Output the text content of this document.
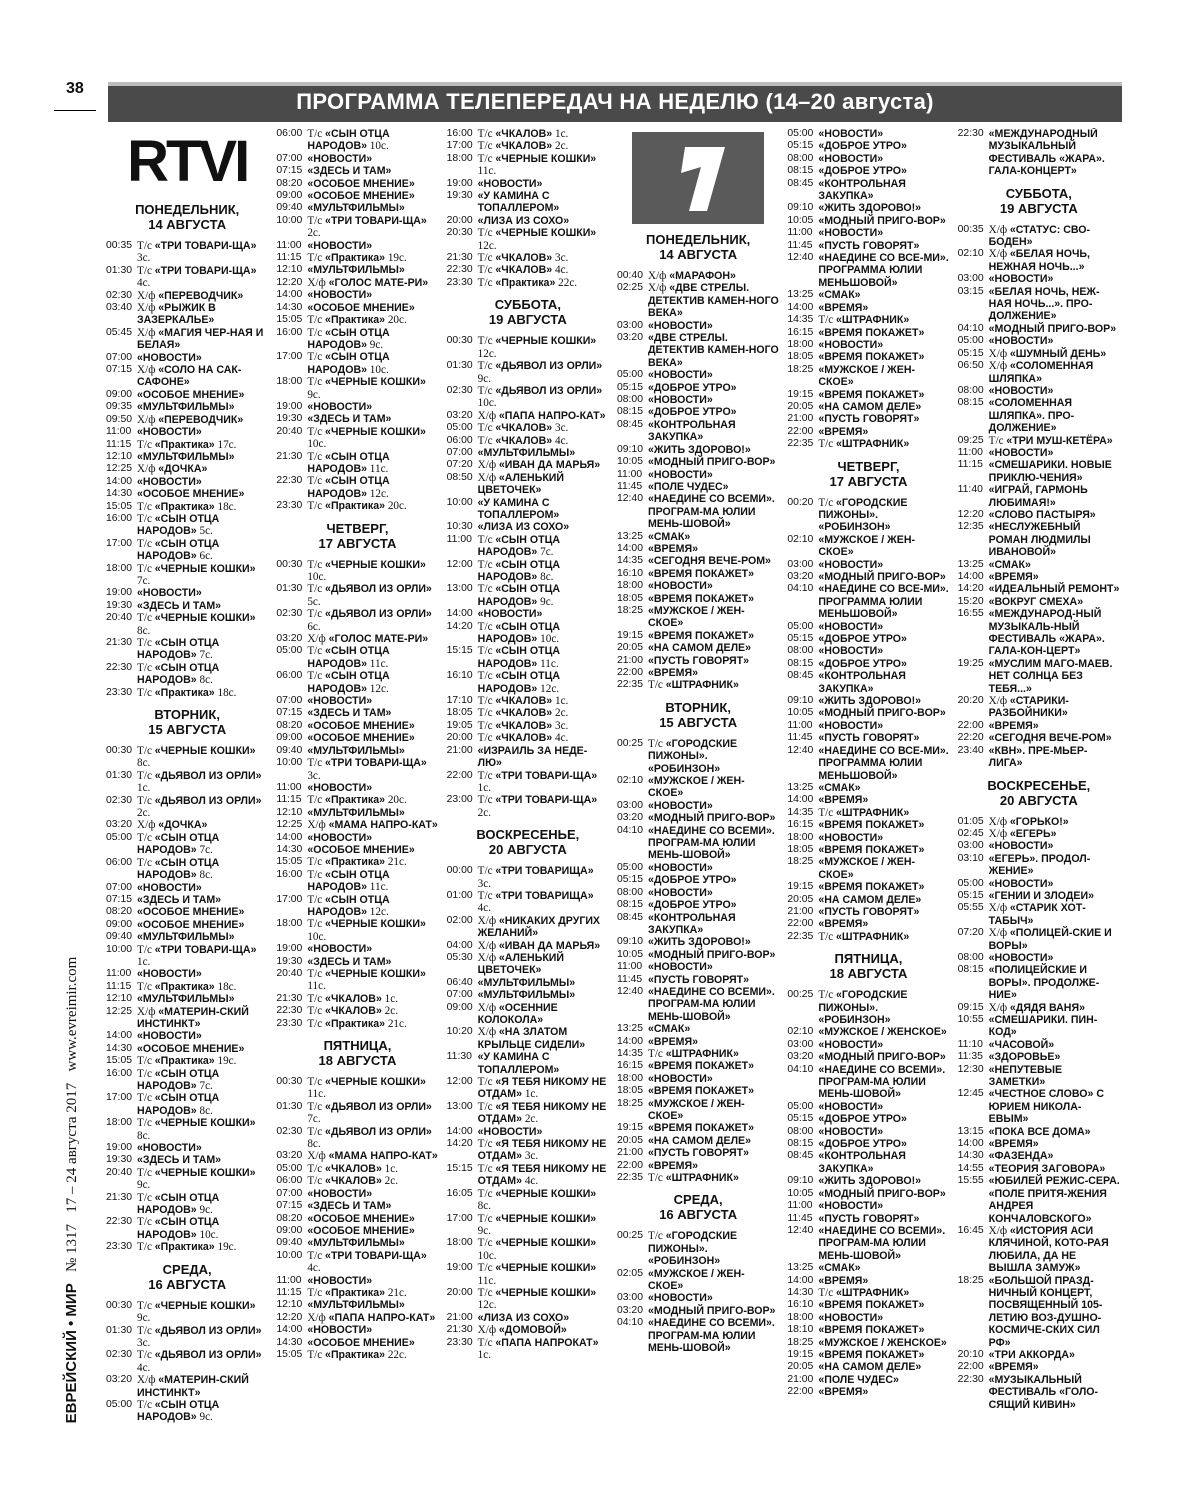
38
ПРОГРАММА ТЕЛЕПЕРЕДАЧ НА НЕДЕЛЮ (14–20 августа)
ЕВРЕЙСКИЙ • МИР   № 1317   17 – 24 августа 2017   www.evreimir.com
RTVI
ПОНЕДЕЛЬНИК,
14 АВГУСТА
00:35 Т/с «ТРИ ТОВАРИ-ЩА» 3с.
01:30 Т/с «ТРИ ТОВАРИ-ЩА» 4с.
02:30 Х/ф «ПЕРЕВОДЧИК»
03:40 Х/ф «РЫЖИК В ЗАЗЕРКАЛЬЕ»
05:45 Х/ф «МАГИЯ ЧЕР-НАЯ И БЕЛАЯ»
07:00 «НОВОСТИ»
07:15 Х/ф «СОЛО НА САК-САФОНЕ»
09:00 «ОСОБОЕ МНЕНИЕ»
09:35 «МУЛЬТФИЛЬМЫ»
09:50 Х/ф «ПЕРЕВОДЧИК»
11:00 «НОВОСТИ»
11:15 Т/с «Практика» 17с.
12:10 «МУЛЬТФИЛЬМЫ»
12:25 Х/ф «ДОЧКА»
14:00 «НОВОСТИ»
14:30 «ОСОБОЕ МНЕНИЕ»
15:05 Т/с «Практика» 18с.
16:00 Т/с «СЫН ОТЦА НАРОДОВ» 5с.
17:00 Т/с «СЫН ОТЦА НАРОДОВ» 6с.
18:00 Т/с «ЧЕРНЫЕ КОШКИ» 7с.
19:00 «НОВОСТИ»
19:30 «ЗДЕСЬ И ТАМ»
20:40 Т/с «ЧЕРНЫЕ КОШКИ» 8с.
21:30 Т/с «СЫН ОТЦА НАРОДОВ» 7с.
22:30 Т/с «СЫН ОТЦА НАРОДОВ» 8с.
23:30 Т/с «Практика» 18с.
ВТОРНИК,
15 АВГУСТА
00:30 Т/с «ЧЕРНЫЕ КОШКИ» 8с.
01:30 Т/с «ДЬЯВОЛ ИЗ ОРЛИ» 1с.
02:30 Т/с «ДЬЯВОЛ ИЗ ОРЛИ» 2с.
03:20 Х/ф «ДОЧКА»
05:00 Т/с «СЫН ОТЦА НАРОДОВ» 7с.
06:00 Т/с «СЫН ОТЦА НАРОДОВ» 8с.
07:00 «НОВОСТИ»
07:15 «ЗДЕСЬ И ТАМ»
08:20 «ОСОБОЕ МНЕНИЕ»
09:00 «ОСОБОЕ МНЕНИЕ»
09:40 «МУЛЬТФИЛЬМЫ»
10:00 Т/с «ТРИ ТОВАРИ-ЩА» 1с.
11:00 «НОВОСТИ»
11:15 Т/с «Практика» 18с.
12:10 «МУЛЬТФИЛЬМЫ»
12:25 Х/ф «МАТЕРИН-СКИЙ ИНСТИНКТ»
14:00 «НОВОСТИ»
14:30 «ОСОБОЕ МНЕНИЕ»
15:05 Т/с «Практика» 19с.
16:00 Т/с «СЫН ОТЦА НАРОДОВ» 7с.
17:00 Т/с «СЫН ОТЦА НАРОДОВ» 8с.
18:00 Т/с «ЧЕРНЫЕ КОШКИ» 8с.
19:00 «НОВОСТИ»
19:30 «ЗДЕСЬ И ТАМ»
20:40 Т/с «ЧЕРНЫЕ КОШКИ» 9с.
21:30 Т/с «СЫН ОТЦА НАРОДОВ» 9с.
22:30 Т/с «СЫН ОТЦА НАРОДОВ» 10с.
23:30 Т/с «Практика» 19с.
СРЕДА,
16 АВГУСТА
00:30 Т/с «ЧЕРНЫЕ КОШКИ» 9с.
01:30 Т/с «ДЬЯВОЛ ИЗ ОРЛИ» 3с.
02:30 Т/с «ДЬЯВОЛ ИЗ ОРЛИ» 4с.
03:20 Х/ф «МАТЕРИН-СКИЙ ИНСТИНКТ»
05:00 Т/с «СЫН ОТЦА НАРОДОВ» 9с.
06:00 Т/с «СЫН ОТЦА НАРОДОВ» 10с.
07:00 «НОВОСТИ»
07:15 «ЗДЕСЬ И ТАМ»
08:20 «ОСОБОЕ МНЕНИЕ»
09:00 «ОСОБОЕ МНЕНИЕ»
09:40 «МУЛЬТФИЛЬМЫ»
10:00 Т/с «ТРИ ТОВАРИ-ЩА» 2с.
11:00 «НОВОСТИ»
11:15 Т/с «Практика» 19с.
12:10 «МУЛЬТФИЛЬМЫ»
12:20 Х/ф «ГОЛОС МАТЕ-РИ»
14:00 «НОВОСТИ»
14:30 «ОСОБОЕ МНЕНИЕ»
15:05 Т/с «Практика» 20с.
16:00 Т/с «СЫН ОТЦА НАРОДОВ» 9с.
17:00 Т/с «СЫН ОТЦА НАРОДОВ» 10с.
18:00 Т/с «ЧЕРНЫЕ КОШКИ» 9с.
19:00 «НОВОСТИ»
19:30 «ЗДЕСЬ И ТАМ»
20:40 Т/с «ЧЕРНЫЕ КОШКИ» 10с.
21:30 Т/с «СЫН ОТЦА НАРОДОВ» 11с.
22:30 Т/с «СЫН ОТЦА НАРОДОВ» 12с.
23:30 Т/с «Практика» 20с.
ЧЕТВЕРГ,
17 АВГУСТА
00:30 Т/с «ЧЕРНЫЕ КОШКИ» 10с.
01:30 Т/с «ДЬЯВОЛ ИЗ ОРЛИ» 5с.
02:30 Т/с «ДЬЯВОЛ ИЗ ОРЛИ» 6с.
03:20 Х/ф «ГОЛОС МАТЕ-РИ»
05:00 Т/с «СЫН ОТЦА НАРОДОВ» 11с.
06:00 Т/с «СЫН ОТЦА НАРОДОВ» 12с.
07:00 «НОВОСТИ»
07:15 «ЗДЕСЬ И ТАМ»
08:20 «ОСОБОЕ МНЕНИЕ»
09:00 «ОСОБОЕ МНЕНИЕ»
09:40 «МУЛЬТФИЛЬМЫ»
10:00 Т/с «ТРИ ТОВАРИ-ЩА» 3с.
11:00 «НОВОСТИ»
11:15 Т/с «Практика» 20с.
12:10 «МУЛЬТФИЛЬМЫ»
12:25 Х/ф «МАМА НАПРО-КАТ»
14:00 «НОВОСТИ»
14:30 «ОСОБОЕ МНЕНИЕ»
15:05 Т/с «Практика» 21с.
16:00 Т/с «СЫН ОТЦА НАРОДОВ» 11с.
17:00 Т/с «СЫН ОТЦА НАРОДОВ» 12с.
18:00 Т/с «ЧЕРНЫЕ КОШКИ» 10с.
19:00 «НОВОСТИ»
19:30 «ЗДЕСЬ И ТАМ»
20:40 Т/с «ЧЕРНЫЕ КОШКИ» 11с.
21:30 Т/с «ЧКАЛОВ» 1с.
22:30 Т/с «ЧКАЛОВ» 2с.
23:30 Т/с «Практика» 21с.
ПЯТНИЦА,
18 АВГУСТА
00:30 Т/с «ЧЕРНЫЕ КОШКИ» 11с.
01:30 Т/с «ДЬЯВОЛ ИЗ ОРЛИ» 7с.
02:30 Т/с «ДЬЯВОЛ ИЗ ОРЛИ» 8с.
03:20 Х/ф «МАМА НАПРО-КАТ»
05:00 Т/с «ЧКАЛОВ» 1с.
06:00 Т/с «ЧКАЛОВ» 2с.
07:00 «НОВОСТИ»
07:15 «ЗДЕСЬ И ТАМ»
08:20 «ОСОБОЕ МНЕНИЕ»
09:00 «ОСОБОЕ МНЕНИЕ»
09:40 «МУЛЬТФИЛЬМЫ»
10:00 Т/с «ТРИ ТОВАРИ-ЩА» 4с.
11:00 «НОВОСТИ»
11:15 Т/с «Практика» 21с.
12:10 «МУЛЬТФИЛЬМЫ»
12:20 Х/ф «ПАПА НАПРО-КАТ»
14:00 «НОВОСТИ»
14:30 «ОСОБОЕ МНЕНИЕ»
15:05 Т/с «Практика» 22с.
16:00 Т/с «ЧКАЛОВ» 1с.
17:00 Т/с «ЧКАЛОВ» 2с.
18:00 Т/с «ЧЕРНЫЕ КОШКИ» 11с.
19:00 «НОВОСТИ»
19:30 «У КАМИНА С ТОПАЛЛЕРОМ»
20:00 «ЛИЗА ИЗ СОХО»
20:30 Т/с «ЧЕРНЫЕ КОШКИ» 12с.
21:30 Т/с «ЧКАЛОВ» 3с.
22:30 Т/с «ЧКАЛОВ» 4с.
23:30 Т/с «Практика» 22с.
СУББОТА,
19 АВГУСТА
00:30 Т/с «ЧЕРНЫЕ КОШКИ» 12с.
01:30 Т/с «ДЬЯВОЛ ИЗ ОРЛИ» 9с.
02:30 Т/с «ДЬЯВОЛ ИЗ ОРЛИ» 10с.
03:20 Х/ф «ПАПА НАПРО-КАТ»
05:00 Т/с «ЧКАЛОВ» 3с.
06:00 Т/с «ЧКАЛОВ» 4с.
07:00 «МУЛЬТФИЛЬМЫ»
07:20 Х/ф «ИВАН ДА МАРЬЯ»
08:50 Х/ф «АЛЕНЬКИЙ ЦВЕТОЧЕК»
10:00 «У КАМИНА С ТОПАЛЛЕРОМ»
10:30 «ЛИЗА ИЗ СОХО»
11:00 Т/с «СЫН ОТЦА НАРОДОВ» 7с.
12:00 Т/с «СЫН ОТЦА НАРОДОВ» 8с.
13:00 Т/с «СЫН ОТЦА НАРОДОВ» 9с.
14:00 «НОВОСТИ»
14:20 Т/с «СЫН ОТЦА НАРОДОВ» 10с.
15:15 Т/с «СЫН ОТЦА НАРОДОВ» 11с.
16:10 Т/с «СЫН ОТЦА НАРОДОВ» 12с.
17:10 Т/с «ЧКАЛОВ» 1с.
18:05 Т/с «ЧКАЛОВ» 2с.
19:05 Т/с «ЧКАЛОВ» 3с.
20:00 Т/с «ЧКАЛОВ» 4с.
21:00 «ИЗРАИЛЬ ЗА НЕДЕ-ЛЮ»
22:00 Т/с «ТРИ ТОВАРИ-ЩА» 1с.
23:00 Т/с «ТРИ ТОВАРИ-ЩА» 2с.
ВОСКРЕСЕНЬЕ,
20 АВГУСТА
00:00 Т/с «ТРИ ТОВАРИЩА» 3с.
01:00 Т/с «ТРИ ТОВАРИЩА» 4с.
02:00 Х/ф «НИКАКИХ ДРУГИХ ЖЕЛАНИЙ»
04:00 Х/ф «ИВАН ДА МАРЬЯ»
05:30 Х/ф «АЛЕНЬКИЙ ЦВЕТОЧЕК»
06:40 «МУЛЬТФИЛЬМЫ»
07:00 «МУЛЬТФИЛЬМЫ»
09:00 Х/ф «ОСЕННИЕ КОЛОКОЛА»
10:20 Х/ф «НА ЗЛАТОМ КРЫЛЬЦЕ СИДЕЛИ»
11:30 «У КАМИНА С ТОПАЛЛЕРОМ»
12:00 Т/с «Я ТЕБЯ НИКОМУ НЕ ОТДАМ» 1с.
13:00 Т/с «Я ТЕБЯ НИКОМУ НЕ ОТДАМ» 2с.
14:00 «НОВОСТИ»
14:20 Т/с «Я ТЕБЯ НИКОМУ НЕ ОТДАМ» 3с.
15:15 Т/с «Я ТЕБЯ НИКОМУ НЕ ОТДАМ» 4с.
16:05 Т/с «ЧЕРНЫЕ КОШКИ» 8с.
17:00 Т/с «ЧЕРНЫЕ КОШКИ» 9с.
18:00 Т/с «ЧЕРНЫЕ КОШКИ» 10с.
19:00 Т/с «ЧЕРНЫЕ КОШКИ» 11с.
20:00 Т/с «ЧЕРНЫЕ КОШКИ» 12с.
21:00 «ЛИЗА ИЗ СОХО»
21:30 Х/ф «ДОМОВОЙ»
23:30 Т/с «ПАПА НАПРОКАТ» 1с.
ПОНЕДЕЛЬНИК,
14 АВГУСТА
00:40 Х/ф «МАРАФОН»
02:25 Х/ф «ДВЕ СТРЕЛЫ. ДЕТЕКТИВ КАМЕН-НОГО ВЕКА»
03:00 «НОВОСТИ»
03:20 «ДВЕ СТРЕЛЫ. ДЕТЕКТИВ КАМЕН-НОГО ВЕКА»
05:00 «НОВОСТИ»
05:15 «ДОБРОЕ УТРО»
08:00 «НОВОСТИ»
08:15 «ДОБРОЕ УТРО»
08:45 «КОНТРОЛЬНАЯ ЗАКУПКА»
09:10 «ЖИТЬ ЗДОРОВО!»
10:05 «МОДНЫЙ ПРИГО-ВОР»
11:00 «НОВОСТИ»
11:45 «ПОЛЕ ЧУДЕС»
12:40 «НАЕДИНЕ СО ВСЕМИ». ПРОГРАМ-МА ЮЛИИ МЕНЬ-ШОВОЙ»
13:25 «СМАК»
14:00 «ВРЕМЯ»
14:35 «СЕГОДНЯ ВЕЧЕ-РОМ»
16:10 «ВРЕМЯ ПОКАЖЕТ»
18:00 «НОВОСТИ»
18:05 «ВРЕМЯ ПОКАЖЕТ»
18:25 «МУЖСКОЕ / ЖЕН-СКОЕ»
19:15 «ВРЕМЯ ПОКАЖЕТ»
20:05 «НА САМОМ ДЕЛЕ»
21:00 «ПУСТЬ ГОВОРЯТ»
22:00 «ВРЕМЯ»
22:35 Т/с «ШТРАФНИК»
ВТОРНИК,
15 АВГУСТА
00:25 Т/с «ГОРОДСКИЕ ПИЖОНЫ». «РОБИНЗОН»
02:10 «МУЖСКОЕ / ЖЕН-СКОЕ»
03:00 «НОВОСТИ»
03:20 «МОДНЫЙ ПРИГО-ВОР»
04:10 «НАЕДИНЕ СО ВСЕМИ». ПРОГРАМ-МА ЮЛИИ МЕНЬ-ШОВОЙ»
05:00 «НОВОСТИ»
05:15 «ДОБРОЕ УТРО»
08:00 «НОВОСТИ»
08:15 «ДОБРОЕ УТРО»
08:45 «КОНТРОЛЬНАЯ ЗАКУПКА»
09:10 «ЖИТЬ ЗДОРОВО!»
10:05 «МОДНЫЙ ПРИГО-ВОР»
11:00 «НОВОСТИ»
11:45 «ПУСТЬ ГОВОРЯТ»
12:40 «НАЕДИНЕ СО ВСЕМИ». ПРОГРАМ-МА ЮЛИИ МЕНЬ-ШОВОЙ»
13:25 «СМАК»
14:00 «ВРЕМЯ»
14:35 Т/с «ШТРАФНИК»
16:15 «ВРЕМЯ ПОКАЖЕТ»
18:00 «НОВОСТИ»
18:05 «ВРЕМЯ ПОКАЖЕТ»
18:25 «МУЖСКОЕ / ЖЕН-СКОЕ»
19:15 «ВРЕМЯ ПОКАЖЕТ»
20:05 «НА САМОМ ДЕЛЕ»
21:00 «ПУСТЬ ГОВОРЯТ»
22:00 «ВРЕМЯ»
22:35 Т/с «ШТРАФНИК»
СРЕДА,
16 АВГУСТА
00:25 Т/с «ГОРОДСКИЕ ПИЖОНЫ». «РОБИНЗОН»
02:05 «МУЖСКОЕ / ЖЕН-СКОЕ»
03:00 «НОВОСТИ»
03:20 «МОДНЫЙ ПРИГО-ВОР»
04:10 «НАЕДИНЕ СО ВСЕМИ». ПРОГРАМ-МА ЮЛИИ МЕНЬ-ШОВОЙ»
05:00 «НОВОСТИ»
05:15 «ДОБРОЕ УТРО»
08:00 «НОВОСТИ»
08:15 «ДОБРОЕ УТРО»
08:45 «КОНТРОЛЬНАЯ ЗАКУПКА»
09:10 «ЖИТЬ ЗДОРОВО!»
10:05 «МОДНЫЙ ПРИГО-ВОР»
11:00 «НОВОСТИ»
11:45 «ПУСТЬ ГОВОРЯТ»
12:40 «НАЕДИНЕ СО ВСЕ-МИ». ПРОГРАММА ЮЛИИ МЕНЬШОВОЙ»
13:25 «СМАК»
14:00 «ВРЕМЯ»
14:35 Т/с «ШТРАФНИК»
16:15 «ВРЕМЯ ПОКАЖЕТ»
18:00 «НОВОСТИ»
18:05 «ВРЕМЯ ПОКАЖЕТ»
18:25 «МУЖСКОЕ / ЖЕН-СКОЕ»
19:15 «ВРЕМЯ ПОКАЖЕТ»
20:05 «НА САМОМ ДЕЛЕ»
21:00 «ПУСТЬ ГОВОРЯТ»
22:00 «ВРЕМЯ»
22:35 Т/с «ШТРАФНИК»
ЧЕТВЕРГ,
17 АВГУСТА
00:20 Т/с «ГОРОДСКИЕ ПИЖОНЫ». «РОБИНЗОН»
02:10 «МУЖСКОЕ / ЖЕН-СКОЕ»
03:00 «НОВОСТИ»
03:20 «МОДНЫЙ ПРИГО-ВОР»
04:10 «НАЕДИНЕ СО ВСЕ-МИ». ПРОГРАММА ЮЛИИ МЕНЬШОВОЙ»
05:00 «НОВОСТИ»
05:15 «ДОБРОЕ УТРО»
08:00 «НОВОСТИ»
08:15 «ДОБРОЕ УТРО»
08:45 «КОНТРОЛЬНАЯ ЗАКУПКА»
09:10 «ЖИТЬ ЗДОРОВО!»
10:05 «МОДНЫЙ ПРИГО-ВОР»
11:00 «НОВОСТИ»
11:45 «ПУСТЬ ГОВОРЯТ»
12:40 «НАЕДИНЕ СО ВСЕ-МИ». ПРОГРАММА ЮЛИИ МЕНЬШОВОЙ»
13:25 «СМАК»
14:00 «ВРЕМЯ»
14:35 Т/с «ШТРАФНИК»
16:15 «ВРЕМЯ ПОКАЖЕТ»
18:00 «НОВОСТИ»
18:05 «ВРЕМЯ ПОКАЖЕТ»
18:25 «МУЖСКОЕ / ЖЕН-СКОЕ»
19:15 «ВРЕМЯ ПОКАЖЕТ»
20:05 «НА САМОМ ДЕЛЕ»
21:00 «ПУСТЬ ГОВОРЯТ»
22:00 «ВРЕМЯ»
22:35 Т/с «ШТРАФНИК»
ПЯТНИЦА,
18 АВГУСТА
00:25 Т/с «ГОРОДСКИЕ ПИЖОНЫ». «РОБИНЗОН»
02:10 «МУЖСКОЕ / ЖЕНСКОЕ»
03:00 «НОВОСТИ»
03:20 «МОДНЫЙ ПРИГО-ВОР»
04:10 «НАЕДИНЕ СО ВСЕМИ». ПРОГРАМ-МА ЮЛИИ МЕНЬ-ШОВОЙ»
05:00 «НОВОСТИ»
05:15 «ДОБРОЕ УТРО»
08:00 «НОВОСТИ»
08:15 «ДОБРОЕ УТРО»
08:45 «КОНТРОЛЬНАЯ ЗАКУПКА»
09:10 «ЖИТЬ ЗДОРОВО!»
10:05 «МОДНЫЙ ПРИГО-ВОР»
11:00 «НОВОСТИ»
11:45 «ПУСТЬ ГОВОРЯТ»
12:40 «НАЕДИНЕ СО ВСЕМИ». ПРОГРАМ-МА ЮЛИИ МЕНЬ-ШОВОЙ»
13:25 «СМАК»
14:00 «ВРЕМЯ»
14:30 Т/с «ШТРАФНИК»
16:10 «ВРЕМЯ ПОКАЖЕТ»
18:00 «НОВОСТИ»
18:10 «ВРЕМЯ ПОКАЖЕТ»
18:25 «МУЖСКОЕ / ЖЕНСКОЕ»
19:15 «ВРЕМЯ ПОКАЖЕТ»
20:05 «НА САМОМ ДЕЛЕ»
21:00 «ПОЛЕ ЧУДЕС»
22:00 «ВРЕМЯ»
22:30 «МЕЖДУНАРОДНЫЙ МУЗЫКАЛЬНЫЙ ФЕСТИВАЛЬ «ЖАРА». ГАЛА-КОНЦЕРТ»
СУББОТА,
19 АВГУСТА
00:35 Х/ф «СТАТУС: СВО-БОДЕН»
02:10 Х/ф «БЕЛАЯ НОЧЬ, НЕЖНАЯ НОЧЬ...»
03:00 «НОВОСТИ»
03:15 «БЕЛАЯ НОЧЬ, НЕЖ-НАЯ НОЧЬ...». ПРО-ДОЛЖЕНИЕ»
04:10 «МОДНЫЙ ПРИГО-ВОР»
05:00 «НОВОСТИ»
05:15 Х/ф «ШУМНЫЙ ДЕНЬ»
06:50 Х/ф «СОЛОМЕННАЯ ШЛЯПКА»
08:00 «НОВОСТИ»
08:15 «СОЛОМЕННАЯ ШЛЯПКА». ПРО-ДОЛЖЕНИЕ»
09:25 Т/с «ТРИ МУШ-КЕТЁРА»
11:00 «НОВОСТИ»
11:15 «СМЕШАРИКИ. НОВЫЕ ПРИКЛЮ-ЧЕНИЯ»
11:40 «ИГРАЙ, ГАРМОНЬ ЛЮБИМАЯ!»
12:20 «СЛОВО ПАСТЫРЯ»
12:35 «НЕСЛУЖЕБНЫЙ РОМАН ЛЮДМИЛЫ ИВАНОВОЙ»
13:25 «СМАК»
14:00 «ВРЕМЯ»
14:20 «ИДЕАЛЬНЫЙ РЕМОНТ»
15:20 «ВОКРУГ СМЕХА»
16:55 «МЕЖДУНАРОД-НЫЙ МУЗЫКАЛЬ-НЫЙ ФЕСТИВАЛЬ «ЖАРА». ГАЛА-КОН-ЦЕРТ»
19:25 «МУСЛИМ МАГО-МАЕВ. НЕТ СОЛНЦА БЕЗ ТЕБЯ...»
20:20 Х/ф «СТАРИКИ-РАЗБОЙНИКИ»
22:00 «ВРЕМЯ»
22:20 «СЕГОДНЯ ВЕЧЕ-РОМ»
23:40 «КВН». ПРЕ-МЬЕР-ЛИГА»
ВОСКРЕСЕНЬЕ,
20 АВГУСТА
01:05 Х/ф «ГОРЬКО!»
02:45 Х/ф «ЕГЕРЬ»
03:00 «НОВОСТИ»
03:10 «ЕГЕРЬ». ПРОДОЛ-ЖЕНИЕ»
05:00 «НОВОСТИ»
05:15 «ГЕНИИ И ЗЛОДЕИ»
05:55 Х/ф «СТАРИК ХОТ-ТАБЫЧ»
07:20 Х/ф «ПОЛИЦЕЙ-СКИЕ И ВОРЫ»
08:00 «НОВОСТИ»
08:15 «ПОЛИЦЕЙСКИЕ И ВОРЫ». ПРОДОЛЖЕ-НИЕ»
09:15 Х/ф «ДЯДЯ ВАНЯ»
10:55 «СМЕШАРИКИ. ПИН-КОД»
11:10 «ЧАСОВОЙ»
11:35 «ЗДОРОВЬЕ»
12:30 «НЕПУТЕВЫЕ ЗАМЕТКИ»
12:45 «ЧЕСТНОЕ СЛОВО» С ЮРИЕМ НИКОЛА-ЕВЫМ»
13:15 «ПОКА ВСЕ ДОМА»
14:00 «ВРЕМЯ»
14:30 «ФАЗЕНДА»
14:55 «ТЕОРИЯ ЗАГОВОРА»
15:55 «ЮБИЛЕЙ РЕЖИС-СЕРА. «ПОЛЕ ПРИТЯ-ЖЕНИЯ АНДРЕЯ КОНЧАЛОВСКОГО»
16:45 Х/ф «ИСТОРИЯ АСИ КЛЯЧИНОЙ, КОТО-РАЯ ЛЮБИЛА, ДА НЕ ВЫШЛА ЗАМУЖ»
18:25 «БОЛЬШОЙ ПРАЗД-НИЧНЫЙ КОНЦЕРТ, ПОСВЯЩЕННЫЙ 105-ЛЕТИЮ ВОЗ-ДУШНО-КОСМИЧЕ-СКИХ СИЛ РФ»
20:10 «ТРИ АККОРДА»
22:00 «ВРЕМЯ»
22:30 «МУЗЫКАЛЬНЫЙ ФЕСТИВАЛЬ «ГОЛО-СЯЩИЙ КИВИН»
